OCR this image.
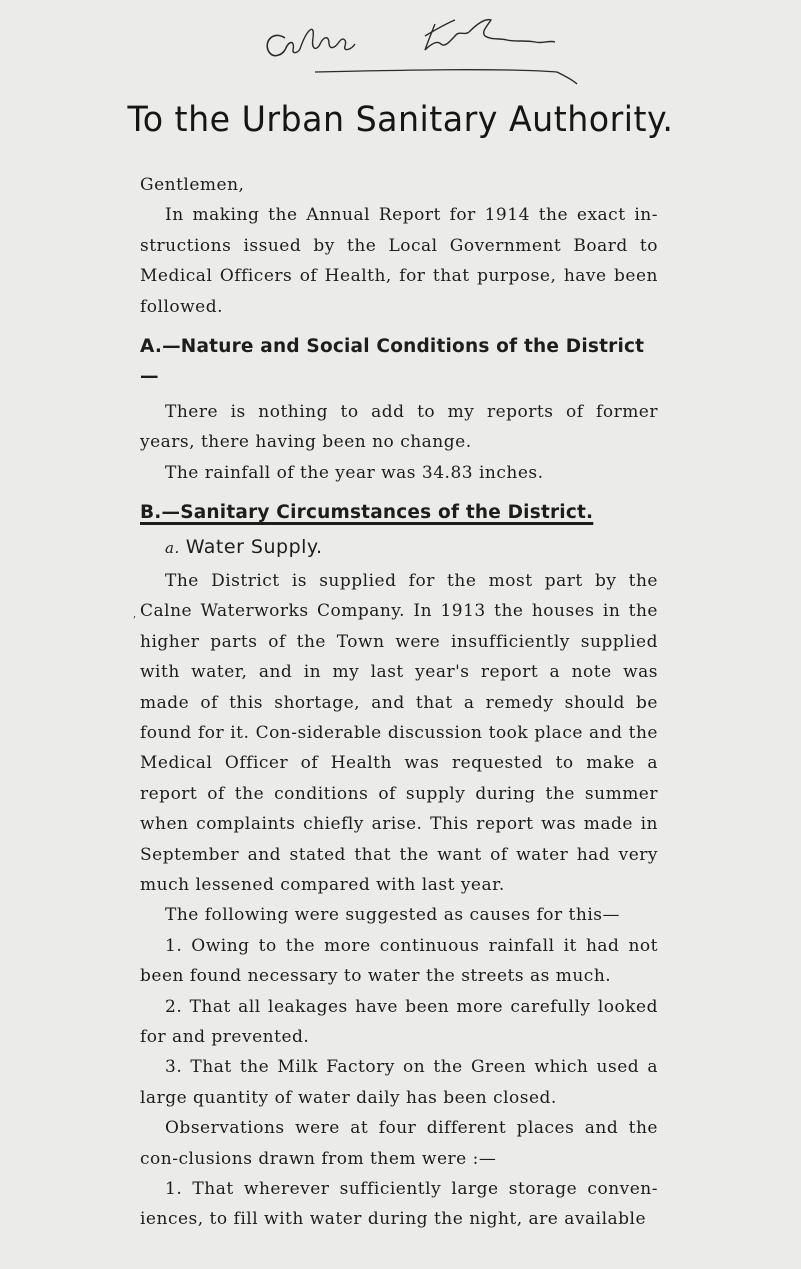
To the Urban Sanitary Authority.

Gentlemen,

In making the Annual Report for 1914 the exact in-structions issued by the Local Government Board to Medical Officers of Health, for that purpose, have been followed.

A.—Nature and Social Conditions of the District—

There is nothing to add to my reports of former years, there having been no change.

The rainfall of the year was 34.83 inches.

B.—Sanitary Circumstances of the District.
a. Water Supply.

The District is supplied for the most part by the Calne Waterworks Company. In 1913 the houses in the higher parts of the Town were insufficiently supplied with water, and in my last year's report a note was made of this shortage, and that a remedy should be found for it. Con-siderable discussion took place and the Medical Officer of Health was requested to make a report of the conditions of supply during the summer when complaints chiefly arise. This report was made in September and stated that the want of water had very much lessened compared with last year.

The following were suggested as causes for this—

1. Owing to the more continuous rainfall it had not been found necessary to water the streets as much.

2. That all leakages have been more carefully looked for and prevented.

3. That the Milk Factory on the Green which used a large quantity of water daily has been closed.

Observations were at four different places and the con-clusions drawn from them were :—

1. That wherever sufficiently large storage conven-iences, to fill with water during the night, are available

,
